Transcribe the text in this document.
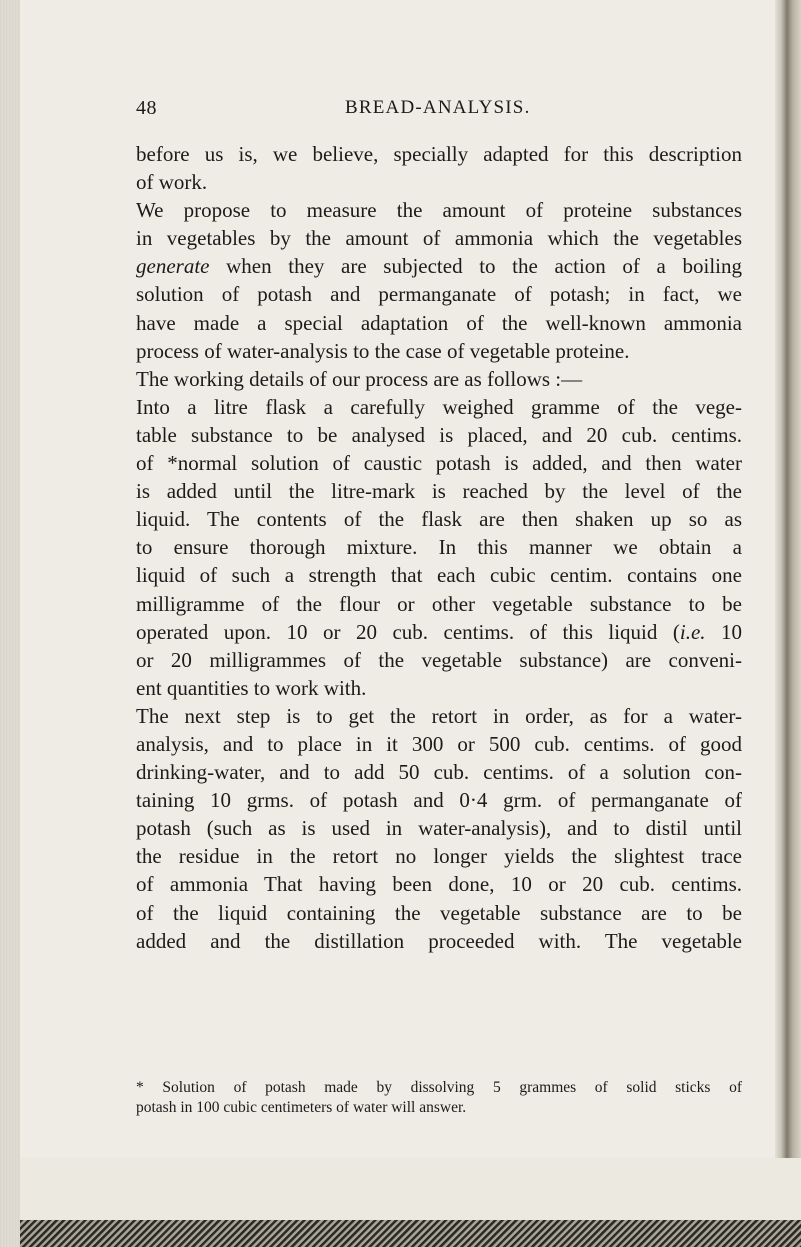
48	BREAD-ANALYSIS.
before us is, we believe, specially adapted for this description
of work.
We propose to measure the amount of proteine substances
in vegetables by the amount of ammonia which the vegetables
generate when they are subjected to the action of a boiling
solution of potash and permanganate of potash; in fact, we
have made a special adaptation of the well-known ammonia
process of water-analysis to the case of vegetable proteine.
The working details of our process are as follows :—
Into a litre flask a carefully weighed gramme of the vege-
table substance to be analysed is placed, and 20 cub. centims.
of *normal solution of caustic potash is added, and then water
is added until the litre-mark is reached by the level of the
liquid. The contents of the flask are then shaken up so as
to ensure thorough mixture. In this manner we obtain a
liquid of such a strength that each cubic centim. contains one
milligramme of the flour or other vegetable substance to be
operated upon. 10 or 20 cub. centims. of this liquid (i.e. 10
or 20 milligrammes of the vegetable substance) are conveni-
ent quantities to work with.
The next step is to get the retort in order, as for a water-
analysis, and to place in it 300 or 500 cub. centims. of good
drinking-water, and to add 50 cub. centims. of a solution con-
taining 10 grms. of potash and 0·4 grm. of permanganate of
potash (such as is used in water-analysis), and to distil until
the residue in the retort no longer yields the slightest trace
of ammonia That having been done, 10 or 20 cub. centims.
of the liquid containing the vegetable substance are to be
added and the distillation proceeded with. The vegetable
* Solution of potash made by dissolving 5 grammes of solid sticks of
potash in 100 cubic centimeters of water will answer.
